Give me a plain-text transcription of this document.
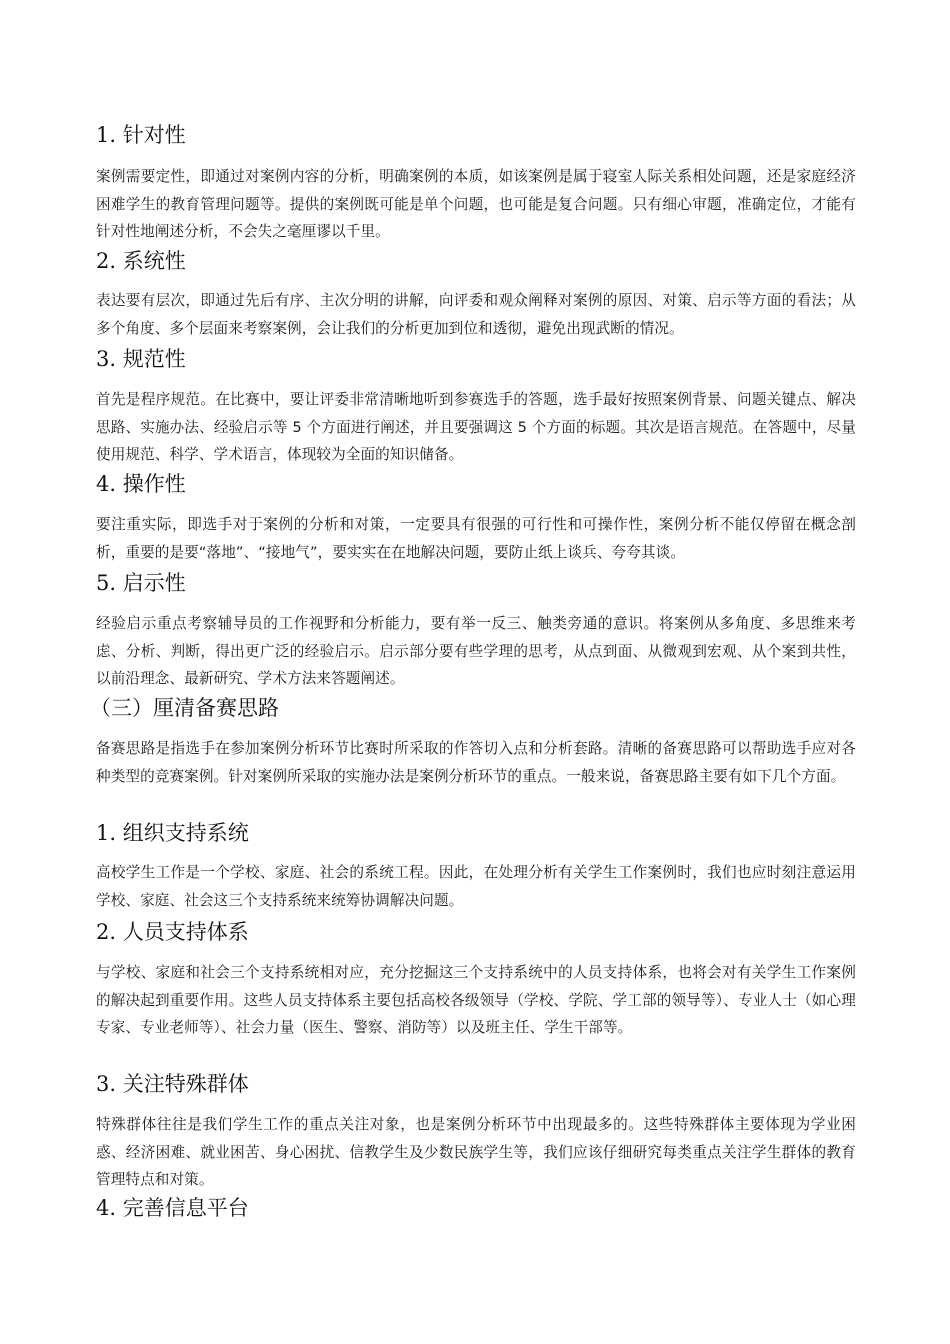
1. 针对性

案例需要定性，即通过对案例内容的分析，明确案例的本质，如该案例是属于寝室人际关系相处问题，还是家庭经济困难学生的教育管理问题等。提供的案例既可能是单个问题，也可能是复合问题。只有细心审题，准确定位，才能有针对性地阐述分析，不会失之毫厘谬以千里。

2. 系统性

表达要有层次，即通过先后有序、主次分明的讲解，向评委和观众阐释对案例的原因、对策、启示等方面的看法；从多个角度、多个层面来考察案例，会让我们的分析更加到位和透彻，避免出现武断的情况。

3. 规范性

首先是程序规范。在比赛中，要让评委非常清晰地听到参赛选手的答题，选手最好按照案例背景、问题关键点、解决思路、实施办法、经验启示等 5 个方面进行阐述，并且要强调这 5 个方面的标题。其次是语言规范。在答题中，尽量使用规范、科学、学术语言，体现较为全面的知识储备。

4. 操作性

要注重实际，即选手对于案例的分析和对策，一定要具有很强的可行性和可操作性，案例分析不能仅停留在概念剖析，重要的是要“落地”、“接地气”，要实实在在地解决问题，要防止纸上谈兵、夸夸其谈。

5. 启示性

经验启示重点考察辅导员的工作视野和分析能力，要有举一反三、触类旁通的意识。将案例从多角度、多思维来考虑、分析、判断，得出更广泛的经验启示。启示部分要有些学理的思考，从点到面、从微观到宏观、从个案到共性，以前沿理念、最新研究、学术方法来答题阐述。

（三）厘清备赛思路

备赛思路是指选手在参加案例分析环节比赛时所采取的作答切入点和分析套路。清晰的备赛思路可以帮助选手应对各种类型的竞赛案例。针对案例所采取的实施办法是案例分析环节的重点。一般来说，备赛思路主要有如下几个方面。

1. 组织支持系统

高校学生工作是一个学校、家庭、社会的系统工程。因此，在处理分析有关学生工作案例时，我们也应时刻注意运用学校、家庭、社会这三个支持系统来统筹协调解决问题。

2. 人员支持体系

与学校、家庭和社会三个支持系统相对应，充分挖掘这三个支持系统中的人员支持体系，也将会对有关学生工作案例的解决起到重要作用。这些人员支持体系主要包括高校各级领导（学校、学院、学工部的领导等）、专业人士（如心理专家、专业老师等）、社会力量（医生、警察、消防等）以及班主任、学生干部等。

3. 关注特殊群体

特殊群体往往是我们学生工作的重点关注对象，也是案例分析环节中出现最多的。这些特殊群体主要体现为学业困惑、经济困难、就业困苦、身心困扰、信教学生及少数民族学生等，我们应该仔细研究每类重点关注学生群体的教育管理特点和对策。

4. 完善信息平台
